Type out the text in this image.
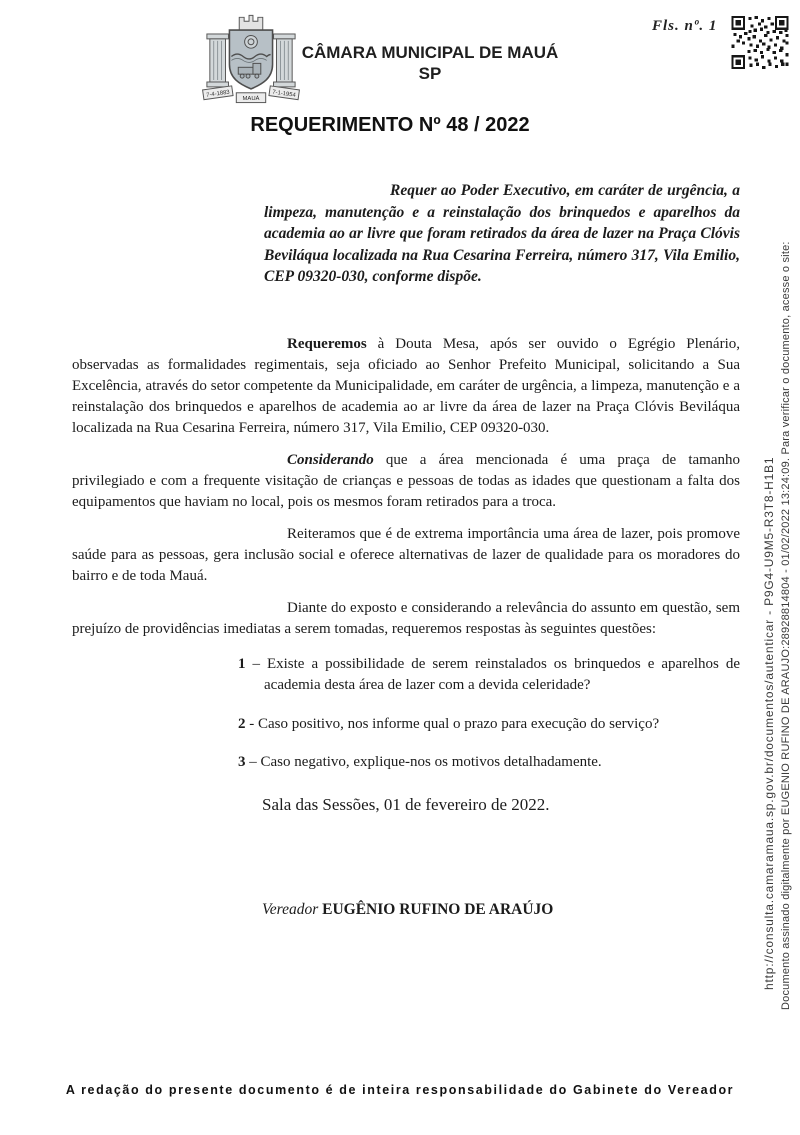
Fls. nº. 1
7-4-1883	7-1-1954
MAUÁ
CÂMARA MUNICIPAL DE MAUÁ
SP
REQUERIMENTO Nº 48 / 2022

Requer ao Poder Executivo, em caráter de urgência, a limpeza, manutenção e a reinstalação dos brinquedos e aparelhos da academia ao ar livre que foram retirados da área de lazer na Praça Clóvis Beviláqua localizada na Rua Cesarina Ferreira, número 317, Vila Emilio, CEP 09320-030, conforme dispõe.

Requeremos à Douta Mesa, após ser ouvido o Egrégio Plenário, observadas as formalidades regimentais, seja oficiado ao Senhor Prefeito Municipal, solicitando a Sua Excelência, através do setor competente da Municipalidade, em caráter de urgência, a limpeza, manutenção e a reinstalação dos brinquedos e aparelhos de academia ao ar livre da área de lazer na Praça Clóvis Beviláqua localizada na Rua Cesarina Ferreira, número 317, Vila Emilio, CEP 09320-030.

Considerando que a área mencionada é uma praça de tamanho privilegiado e com a frequente visitação de crianças e pessoas de todas as idades que questionam a falta dos equipamentos que haviam no local, pois os mesmos foram retirados para a troca.

Reiteramos que é de extrema importância uma área de lazer, pois promove saúde para as pessoas, gera inclusão social e oferece alternativas de lazer de qualidade para os moradores do bairro e de toda Mauá.

Diante do exposto e considerando a relevância do assunto em questão, sem prejuízo de providências imediatas a serem tomadas, requeremos respostas às seguintes questões:

1 – Existe a possibilidade de serem reinstalados os brinquedos e aparelhos de academia desta área de lazer com a devida celeridade?
2 - Caso positivo, nos informe qual o prazo para execução do serviço?
3 – Caso negativo, explique-nos os motivos detalhadamente.

Sala das Sessões, 01 de fevereiro de 2022.

Vereador EUGÊNIO RUFINO DE ARAÚJO	Documento assinado digitalmente por EUGENIO RUFINO DE ARAUJO:28928814804 - 01/02/2022 13:24:09. Para verificar o documento, acesse o site:
http://consulta.camaramaua.sp.gov.br/documentos/autenticar - P9G4-U9M5-R3T8-H1B1
A redação do presente documento é de inteira responsabilidade do Gabinete do Vereador
